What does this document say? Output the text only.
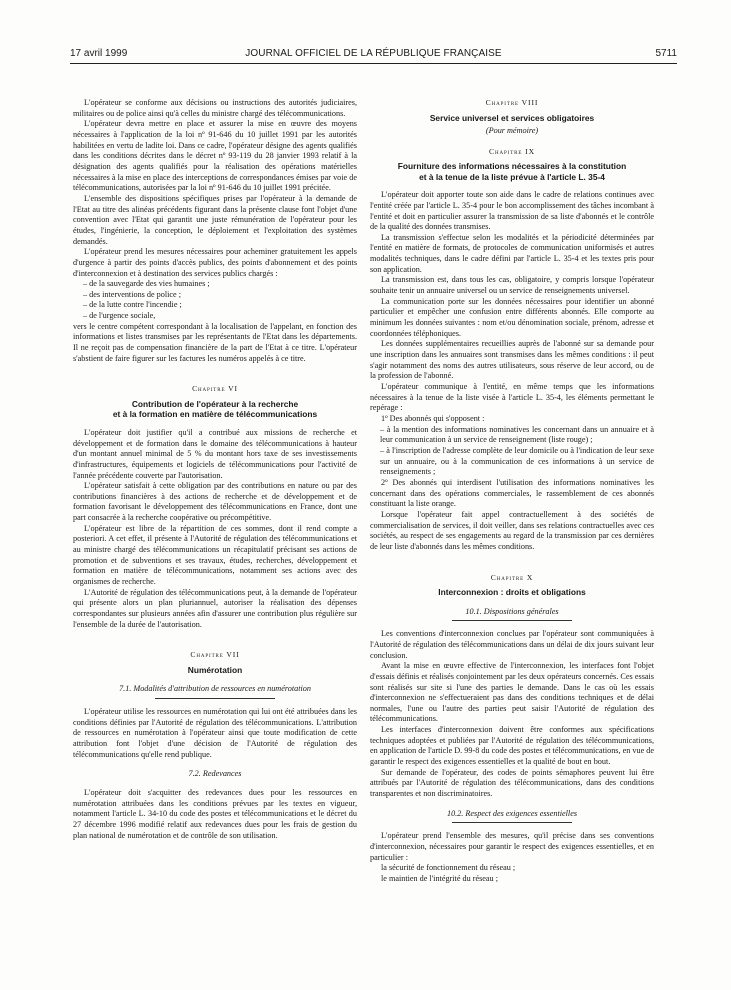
17 avril 1999	JOURNAL OFFICIEL DE LA RÉPUBLIQUE FRANÇAISE	5711

L'opérateur se conforme aux décisions ou instructions des autorités judiciaires, militaires ou de police ainsi qu'à celles du ministre chargé des télécommunications.

L'opérateur devra mettre en place et assurer la mise en œuvre des moyens nécessaires à l'application de la loi nº 91-646 du 10 juillet 1991 par les autorités habilitées en vertu de ladite loi. Dans ce cadre, l'opérateur désigne des agents qualifiés dans les conditions décrites dans le décret nº 93-119 du 28 janvier 1993 relatif à la désignation des agents qualifiés pour la réalisation des opérations matérielles nécessaires à la mise en place des interceptions de correspondances émises par voie de télécommunications, autorisées par la loi nº 91-646 du 10 juillet 1991 précitée.

L'ensemble des dispositions spécifiques prises par l'opérateur à la demande de l'Etat au titre des alinéas précédents figurant dans la présente clause font l'objet d'une convention avec l'Etat qui garantit une juste rémunération de l'opérateur pour les études, l'ingénierie, la conception, le déploiement et l'exploitation des systèmes demandés.

L'opérateur prend les mesures nécessaires pour acheminer gratuitement les appels d'urgence à partir des points d'accès publics, des points d'abonnement et des points d'interconnexion et à destination des services publics chargés :

– de la sauvegarde des vies humaines ;

– des interventions de police ;

– de la lutte contre l'incendie ;

– de l'urgence sociale,

vers le centre compétent correspondant à la localisation de l'appelant, en fonction des informations et listes transmises par les représentants de l'Etat dans les départements. Il ne reçoit pas de compensation financière de la part de l'Etat à ce titre. L'opérateur s'abstient de faire figurer sur les factures les numéros appelés à ce titre.

Chapitre VI
Contribution de l'opérateur à la recherche
et à la formation en matière de télécommunications

L'opérateur doit justifier qu'il a contribué aux missions de recherche et développement et de formation dans le domaine des télécommunications à hauteur d'un montant annuel minimal de 5 % du montant hors taxe de ses investissements d'infrastructures, équipements et logiciels de télécommunications pour l'activité de l'année précédente couverte par l'autorisation.

L'opérateur satisfait à cette obligation par des contributions en nature ou par des contributions financières à des actions de recherche et de développement et de formation favorisant le développement des télécommunications en France, dont une part consacrée à la recherche coopérative ou précompétitive.

L'opérateur est libre de la répartition de ces sommes, dont il rend compte a posteriori. A cet effet, il présente à l'Autorité de régulation des télécommunications et au ministre chargé des télécommunications un récapitulatif précisant ses actions de promotion et de subventions et ses travaux, études, recherches, développement et formation en matière de télécommunications, notamment ses actions avec des organismes de recherche.

L'Autorité de régulation des télécommunications peut, à la demande de l'opérateur qui présente alors un plan pluriannuel, autoriser la réalisation des dépenses correspondantes sur plusieurs années afin d'assurer une contribution plus régulière sur l'ensemble de la durée de l'autorisation.

Chapitre VII
Numérotation
7.1. Modalités d'attribution de ressources en numérotation

L'opérateur utilise les ressources en numérotation qui lui ont été attribuées dans les conditions définies par l'Autorité de régulation des télécommunications. L'attribution de ressources en numérotation à l'opérateur ainsi que toute modification de cette attribution font l'objet d'une décision de l'Autorité de régulation des télécommunications qu'elle rend publique.

7.2. Redevances

L'opérateur doit s'acquitter des redevances dues pour les ressources en numérotation attribuées dans les conditions prévues par les textes en vigueur, notamment l'article L. 34-10 du code des postes et télécommunications et le décret du 27 décembre 1996 modifié relatif aux redevances dues pour les frais de gestion du plan national de numérotation et de contrôle de son utilisation.

Chapitre VIII
Service universel et services obligatoires
(Pour mémoire)
Chapitre IX
Fourniture des informations nécessaires à la constitution
et à la tenue de la liste prévue à l'article L. 35-4

L'opérateur doit apporter toute son aide dans le cadre de relations continues avec l'entité créée par l'article L. 35-4 pour le bon accomplissement des tâches incombant à l'entité et doit en particulier assurer la transmission de sa liste d'abonnés et le contrôle de la qualité des données transmises.

La transmission s'effectue selon les modalités et la périodicité déterminées par l'entité en matière de formats, de protocoles de communication uniformisés et autres modalités techniques, dans le cadre défini par l'article L. 35-4 et les textes pris pour son application.

La transmission est, dans tous les cas, obligatoire, y compris lorsque l'opérateur souhaite tenir un annuaire universel ou un service de renseignements universel.

La communication porte sur les données nécessaires pour identifier un abonné particulier et empêcher une confusion entre différents abonnés. Elle comporte au minimum les données suivantes : nom et/ou dénomination sociale, prénom, adresse et coordonnées téléphoniques.

Les données supplémentaires recueillies auprès de l'abonné sur sa demande pour une inscription dans les annuaires sont transmises dans les mêmes conditions : il peut s'agir notamment des noms des autres utilisateurs, sous réserve de leur accord, ou de la profession de l'abonné.

L'opérateur communique à l'entité, en même temps que les informations nécessaires à la tenue de la liste visée à l'article L. 35-4, les éléments permettant le repérage :

1º Des abonnés qui s'opposent :

– à la mention des informations nominatives les concernant dans un annuaire et à leur communication à un service de renseignement (liste rouge) ;

– à l'inscription de l'adresse complète de leur domicile ou à l'indication de leur sexe sur un annuaire, ou à la communication de ces informations à un service de renseignements ;

2º Des abonnés qui interdisent l'utilisation des informations nominatives les concernant dans des opérations commerciales, le rassemblement de ces abonnés constituant la liste orange.

Lorsque l'opérateur fait appel contractuellement à des sociétés de commercialisation de services, il doit veiller, dans ses relations contractuelles avec ces sociétés, au respect de ses engagements au regard de la transmission par ces dernières de leur liste d'abonnés dans les mêmes conditions.

Chapitre X
Interconnexion : droits et obligations
10.1. Dispositions générales

Les conventions d'interconnexion conclues par l'opérateur sont communiquées à l'Autorité de régulation des télécommunications dans un délai de dix jours suivant leur conclusion.

Avant la mise en œuvre effective de l'interconnexion, les interfaces font l'objet d'essais définis et réalisés conjointement par les deux opérateurs concernés. Ces essais sont réalisés sur site si l'une des parties le demande. Dans le cas où les essais d'interconnexion ne s'effectueraient pas dans des conditions techniques et de délai normales, l'une ou l'autre des parties peut saisir l'Autorité de régulation des télécommunications.

Les interfaces d'interconnexion doivent être conformes aux spécifications techniques adoptées et publiées par l'Autorité de régulation des télécommunications, en application de l'article D. 99-8 du code des postes et télécommunications, en vue de garantir le respect des exigences essentielles et la qualité de bout en bout.

Sur demande de l'opérateur, des codes de points sémaphores peuvent lui être attribués par l'Autorité de régulation des télécommunications, dans des conditions transparentes et non discriminatoires.

10.2. Respect des exigences essentielles

L'opérateur prend l'ensemble des mesures, qu'il précise dans ses conventions d'interconnexion, nécessaires pour garantir le respect des exigences essentielles, et en particulier :

la sécurité de fonctionnement du réseau ;

le maintien de l'intégrité du réseau ;
